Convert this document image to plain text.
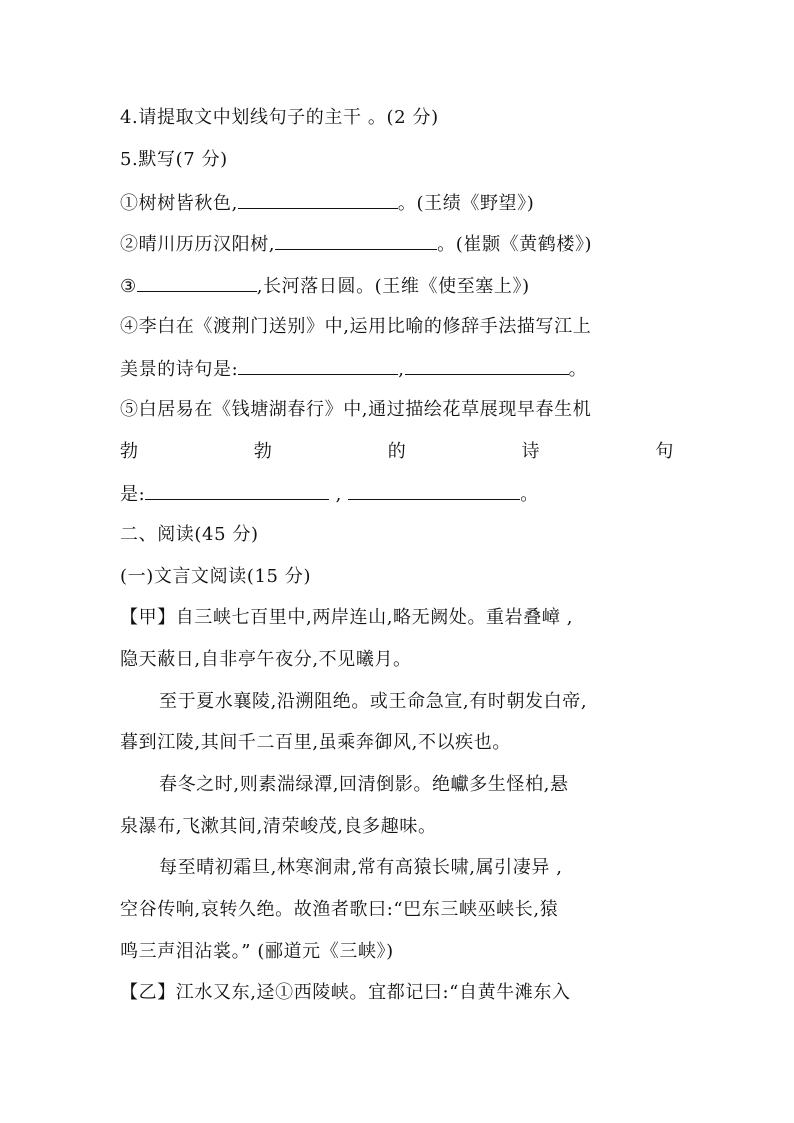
4.请提取文中划线句子的主干 。(2 分)
5.默写(7 分)
①树树皆秋色,	。(王绩《野望》)
②晴川历历汉阳树,	。(崔颢《黄鹤楼》)
③	,长河落日圆。(王维《使至塞上》)
④李白在《渡荆门送别》中,运用比喻的修辞手法描写江上
美景的诗句是:	,	。
⑤白居易在《钱塘湖春行》中,通过描绘花草展现早春生机
勃	勃	的	诗	句
是:	,	。
二、阅读(45 分)
(一)文言文阅读(15 分)
【甲】自三峡七百里中,两岸连山,略无阙处。重岩叠嶂 ,
隐天蔽日,自非亭午夜分,不见曦月。
至于夏水襄陵,沿溯阻绝。或王命急宣,有时朝发白帝,
暮到江陵,其间千二百里,虽乘奔御风,不以疾也。
春冬之时,则素湍绿潭,回清倒影。绝巘多生怪柏,悬
泉瀑布,飞漱其间,清荣峻茂,良多趣味。
每至晴初霜旦,林寒涧肃,常有高猿长啸,属引凄异 ,
空谷传响,哀转久绝。故渔者歌曰:“巴东三峡巫峡长,猿
鸣三声泪沾裳。” (郦道元《三峡》)
【乙】江水又东,迳①西陵峡。宜都记曰:“自黄牛滩东入
